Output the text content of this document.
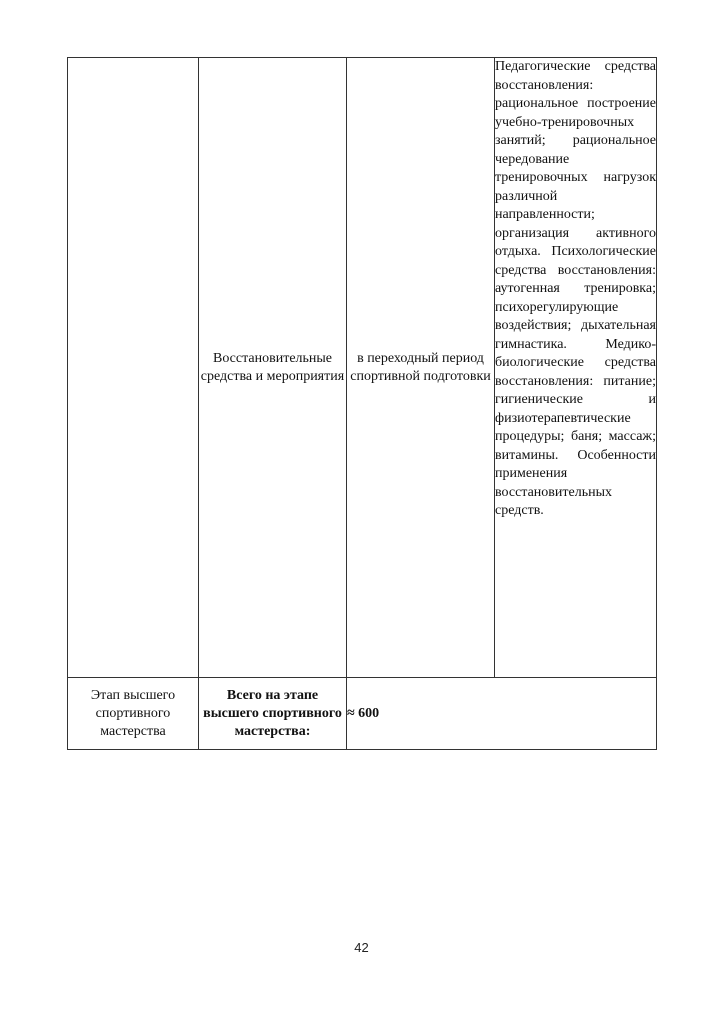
	Восстановительные средства и мероприятия	в переходный период спортивной подготовки	Педагогические средства восстановления: рациональное построение учебно-тренировочных занятий; рациональное чередование тренировочных нагрузок различной направленности; организация активного отдыха. Психологические средства восстановления: аутогенная тренировка; психорегулирующие воздействия; дыхательная гимнастика. Медико-биологические средства восстановления: питание; гигиенические и физиотерапевтические процедуры; баня; массаж; витамины. Особенности применения восстановительных средств.
Этап высшего спортивного мастерства	Всего на этапе высшего спортивного мастерства:	≈ 600	
42
